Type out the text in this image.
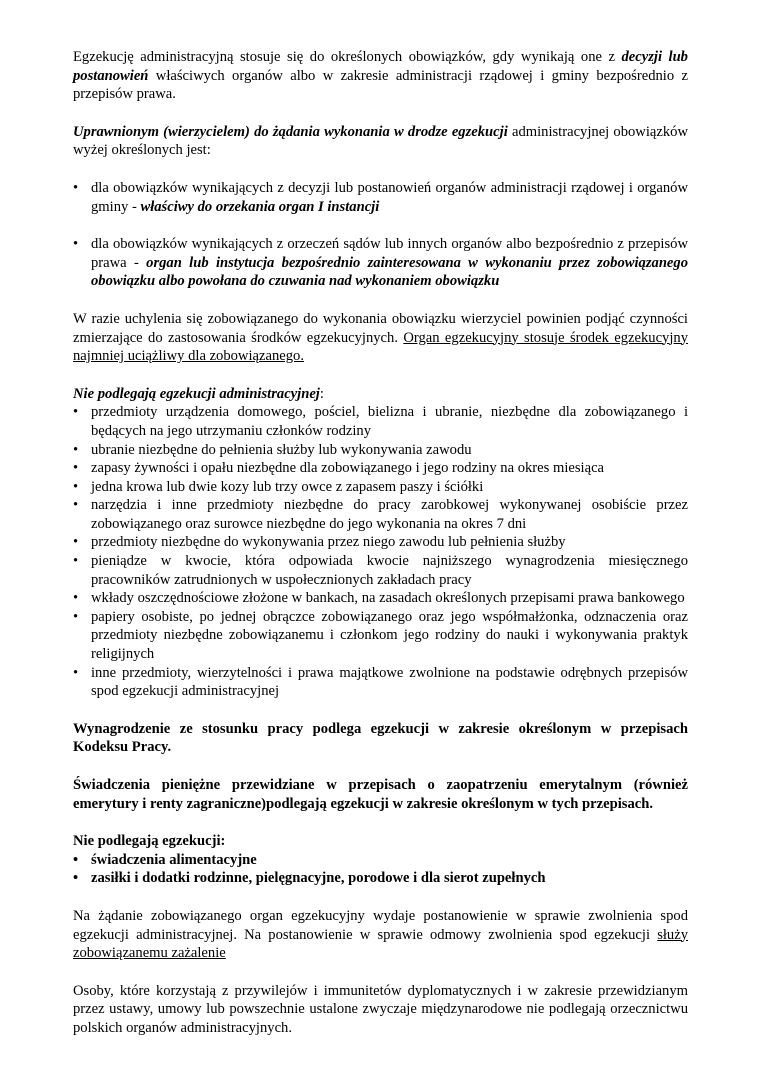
Egzekucję administracyjną stosuje się do określonych obowiązków, gdy wynikają one z decyzji lub postanowień właściwych organów albo w zakresie administracji rządowej i gminy bezpośrednio z przepisów prawa.

Uprawnionym (wierzycielem) do żądania wykonania w drodze egzekucji administracyjnej obowiązków wyżej określonych jest:

• dla obowiązków wynikających z decyzji lub postanowień organów administracji rządowej i organów gminy - właściwy do orzekania organ I instancji
• dla obowiązków wynikających z orzeczeń sądów lub innych organów albo bezpośrednio z przepisów prawa - organ lub instytucja bezpośrednio zainteresowana w wykonaniu przez zobowiązanego obowiązku albo powołana do czuwania nad wykonaniem obowiązku

W razie uchylenia się zobowiązanego do wykonania obowiązku wierzyciel powinien podjąć czynności zmierzające do zastosowania środków egzekucyjnych. Organ egzekucyjny stosuje środek egzekucyjny najmniej uciążliwy dla zobowiązanego.

Nie podlegają egzekucji administracyjnej:

• przedmioty urządzenia domowego, pościel, bielizna i ubranie, niezbędne dla zobowiązanego i będących na jego utrzymaniu członków rodziny
• ubranie niezbędne do pełnienia służby lub wykonywania zawodu
• zapasy żywności i opału niezbędne dla zobowiązanego i jego rodziny na okres miesiąca
• jedna krowa lub dwie kozy lub trzy owce z zapasem paszy i ściółki
• narzędzia i inne przedmioty niezbędne do pracy zarobkowej wykonywanej osobiście przez zobowiązanego oraz surowce niezbędne do jego wykonania na okres 7 dni
• przedmioty niezbędne do wykonywania przez niego zawodu lub pełnienia służby
• pieniądze w kwocie, która odpowiada kwocie najniższego wynagrodzenia miesięcznego pracowników zatrudnionych w uspołecznionych zakładach pracy
• wkłady oszczędnościowe złożone w bankach, na zasadach określonych przepisami prawa bankowego
• papiery osobiste, po jednej obrączce zobowiązanego oraz jego współmałżonka, odznaczenia oraz przedmioty niezbędne zobowiązanemu i członkom jego rodziny do nauki i wykonywania praktyk religijnych
• inne przedmioty, wierzytelności i prawa majątkowe zwolnione na podstawie odrębnych przepisów spod egzekucji administracyjnej

Wynagrodzenie ze stosunku pracy podlega egzekucji w zakresie określonym w przepisach Kodeksu Pracy.

Świadczenia pieniężne przewidziane w przepisach o zaopatrzeniu emerytalnym (również emerytury i renty zagraniczne)podlegają egzekucji w zakresie określonym w tych przepisach.

Nie podlegają egzekucji:

• świadczenia alimentacyjne
• zasiłki i dodatki rodzinne, pielęgnacyjne, porodowe i dla sierot zupełnych

Na żądanie zobowiązanego organ egzekucyjny wydaje postanowienie w sprawie zwolnienia spod egzekucji administracyjnej. Na postanowienie w sprawie odmowy zwolnienia spod egzekucji służy zobowiązanemu zażalenie

Osoby, które korzystają z przywilejów i immunitetów dyplomatycznych i w zakresie przewidzianym przez ustawy, umowy lub powszechnie ustalone zwyczaje międzynarodowe nie podlegają orzecznictwu polskich organów administracyjnych.
